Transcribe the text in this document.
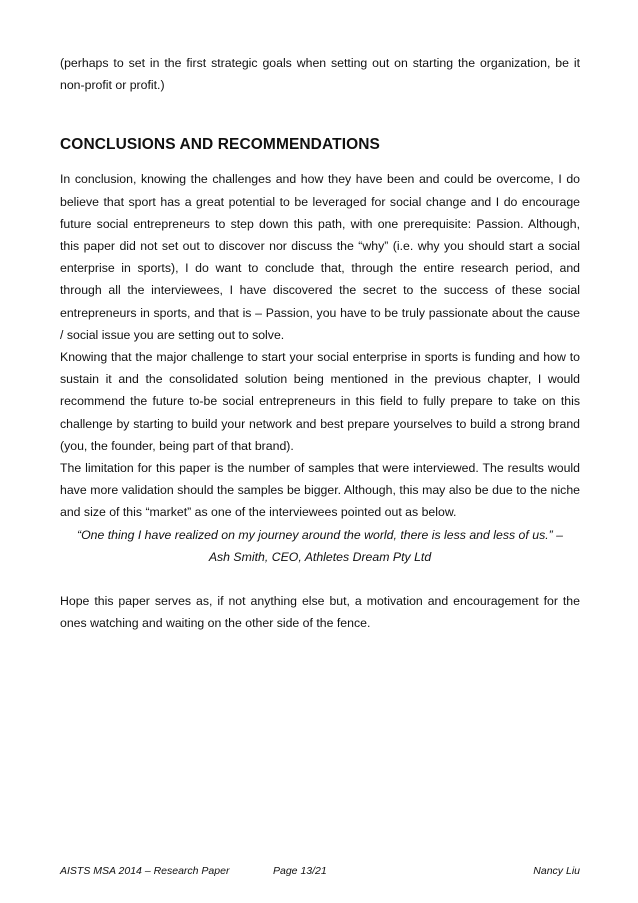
(perhaps to set in the first strategic goals when setting out on starting the organization, be it non-profit or profit.)

CONCLUSIONS AND RECOMMENDATIONS

In conclusion, knowing the challenges and how they have been and could be overcome, I do believe that sport has a great potential to be leveraged for social change and I do encourage future social entrepreneurs to step down this path, with one prerequisite: Passion. Although, this paper did not set out to discover nor discuss the “why” (i.e. why you should start a social enterprise in sports), I do want to conclude that, through the entire research period, and through all the interviewees, I have discovered the secret to the success of these social entrepreneurs in sports, and that is – Passion, you have to be truly passionate about the cause / social issue you are setting out to solve.

Knowing that the major challenge to start your social enterprise in sports is funding and how to sustain it and the consolidated solution being mentioned in the previous chapter, I would recommend the future to-be social entrepreneurs in this field to fully prepare to take on this challenge by starting to build your network and best prepare yourselves to build a strong brand (you, the founder, being part of that brand).

The limitation for this paper is the number of samples that were interviewed. The results would have more validation should the samples be bigger. Although, this may also be due to the niche and size of this “market” as one of the interviewees pointed out as below.

“One thing I have realized on my journey around the world, there is less and less of us.” –

Ash Smith, CEO, Athletes Dream Pty Ltd

Hope this paper serves as, if not anything else but, a motivation and encouragement for the ones watching and waiting on the other side of the fence.

AISTS MSA 2014 – Research Paper	Page 13/21	Nancy Liu
